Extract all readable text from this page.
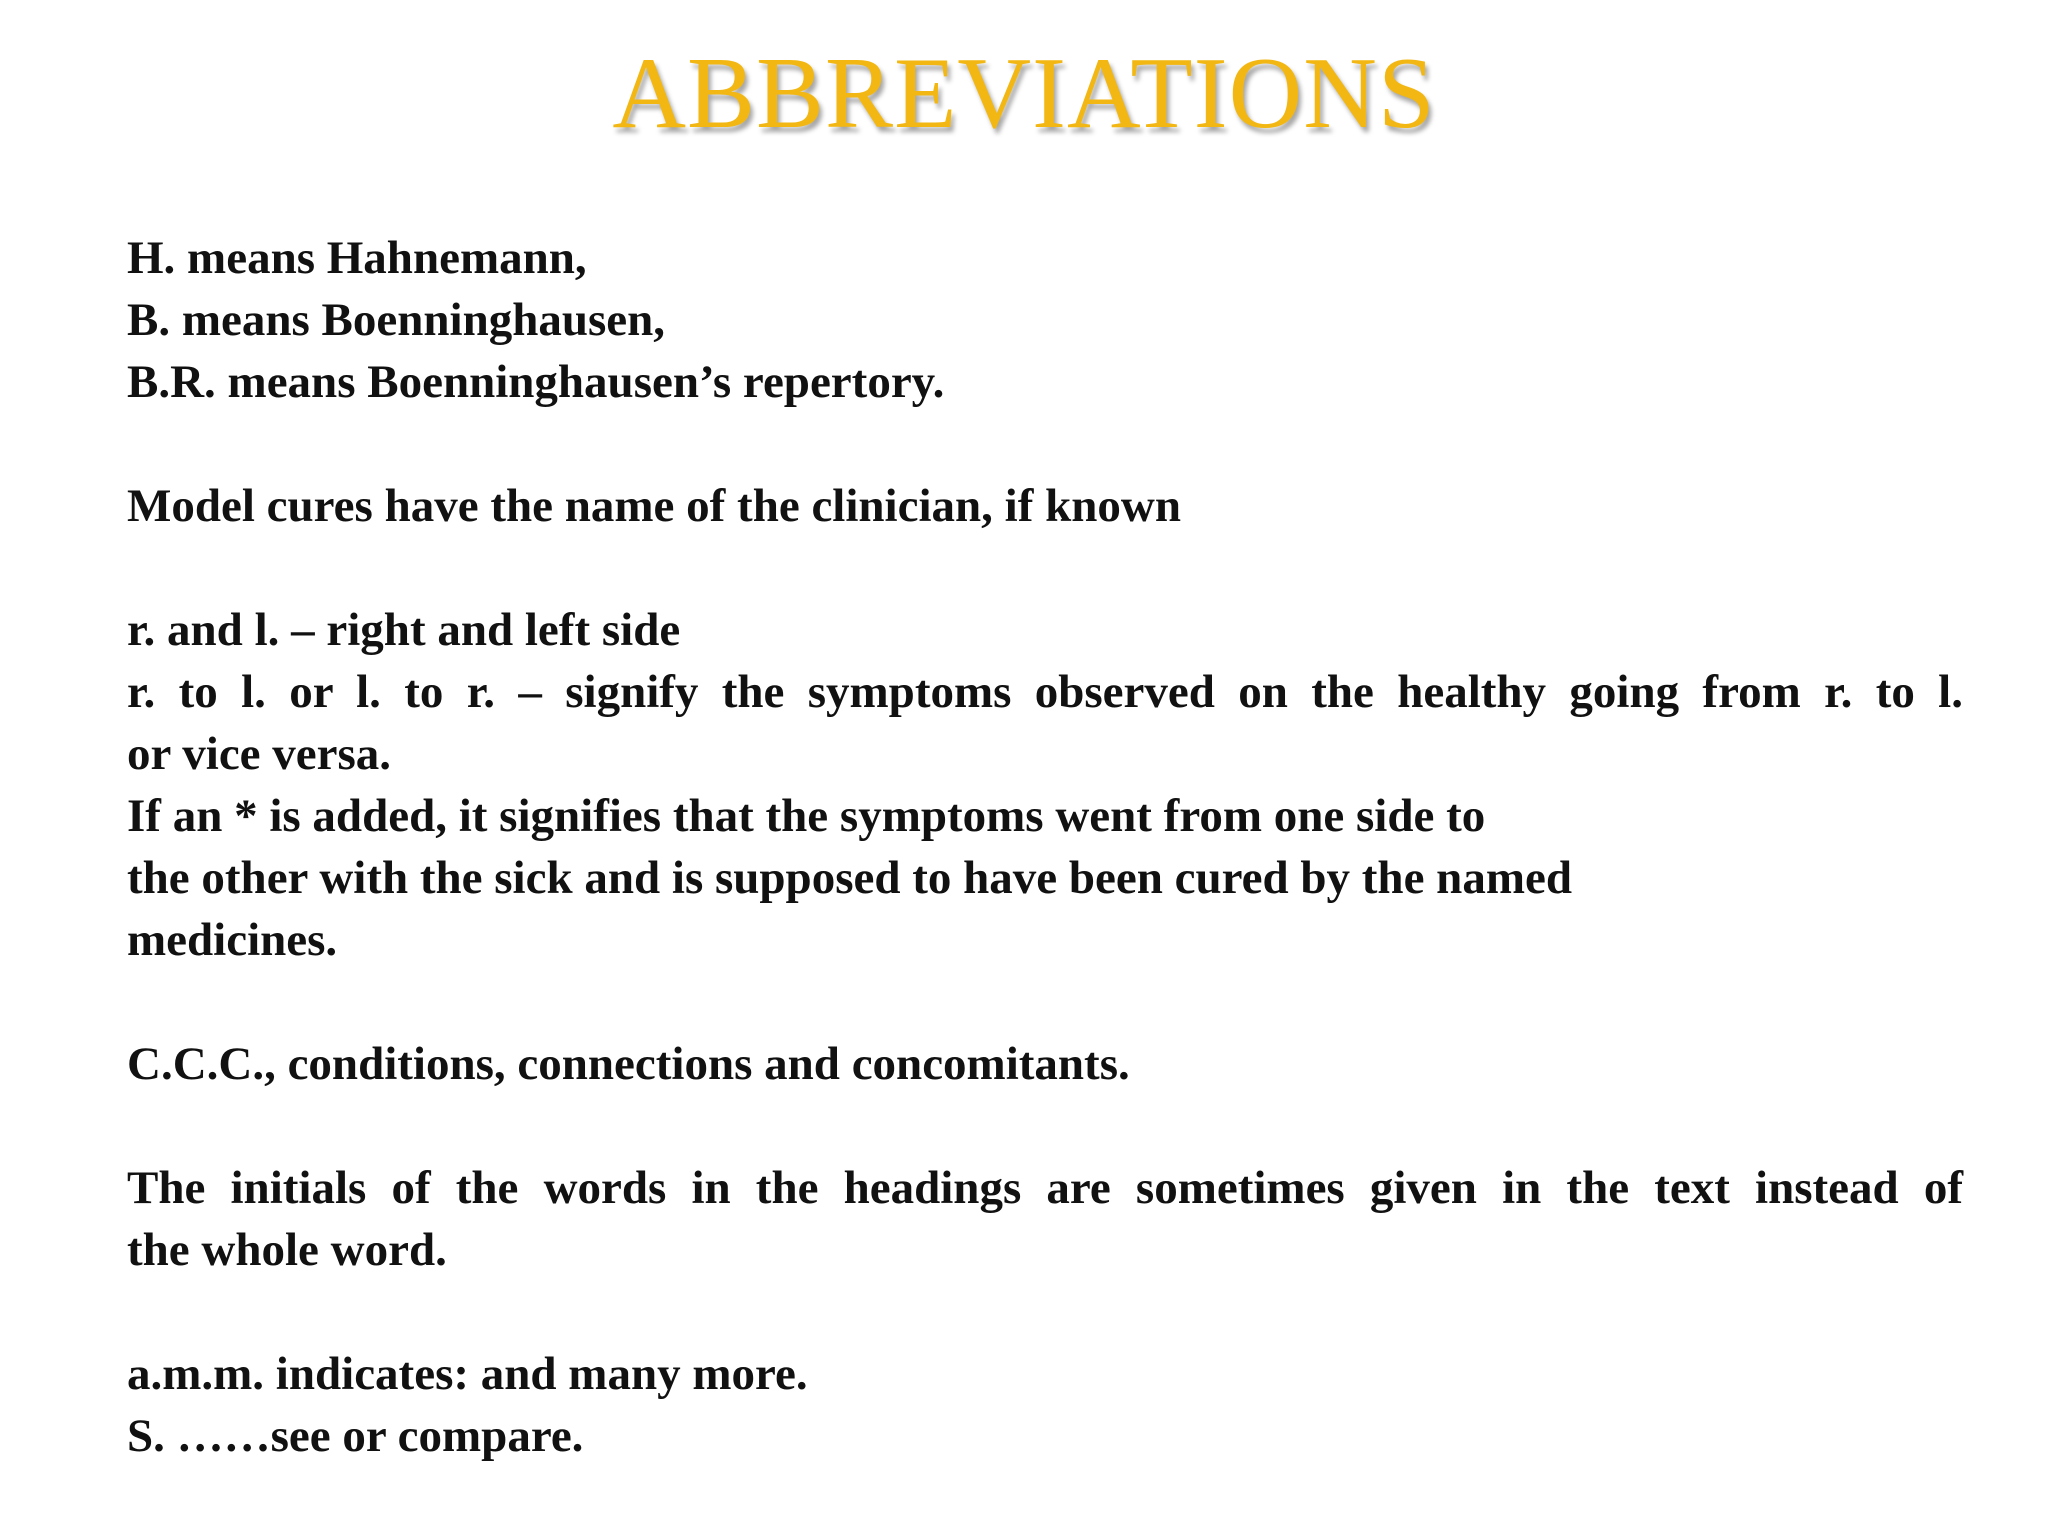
ABBREVIATIONS
H. means Hahnemann,
B. means Boenninghausen,
B.R. means Boenninghausen’s repertory.
Model cures have the name of the clinician, if known
r. and l. – right and left side
r. to l. or l. to r. – signify the symptoms observed on the healthy going from r. to l.
or vice versa.
If an * is added, it signifies that the symptoms went from one side to
the other with the sick and is supposed to have been cured by the named
medicines.
C.C.C., conditions, connections and concomitants.
The initials of the words in the headings are sometimes given in the text instead of
the whole word.
a.m.m. indicates: and many more.
S. ……see or compare.
